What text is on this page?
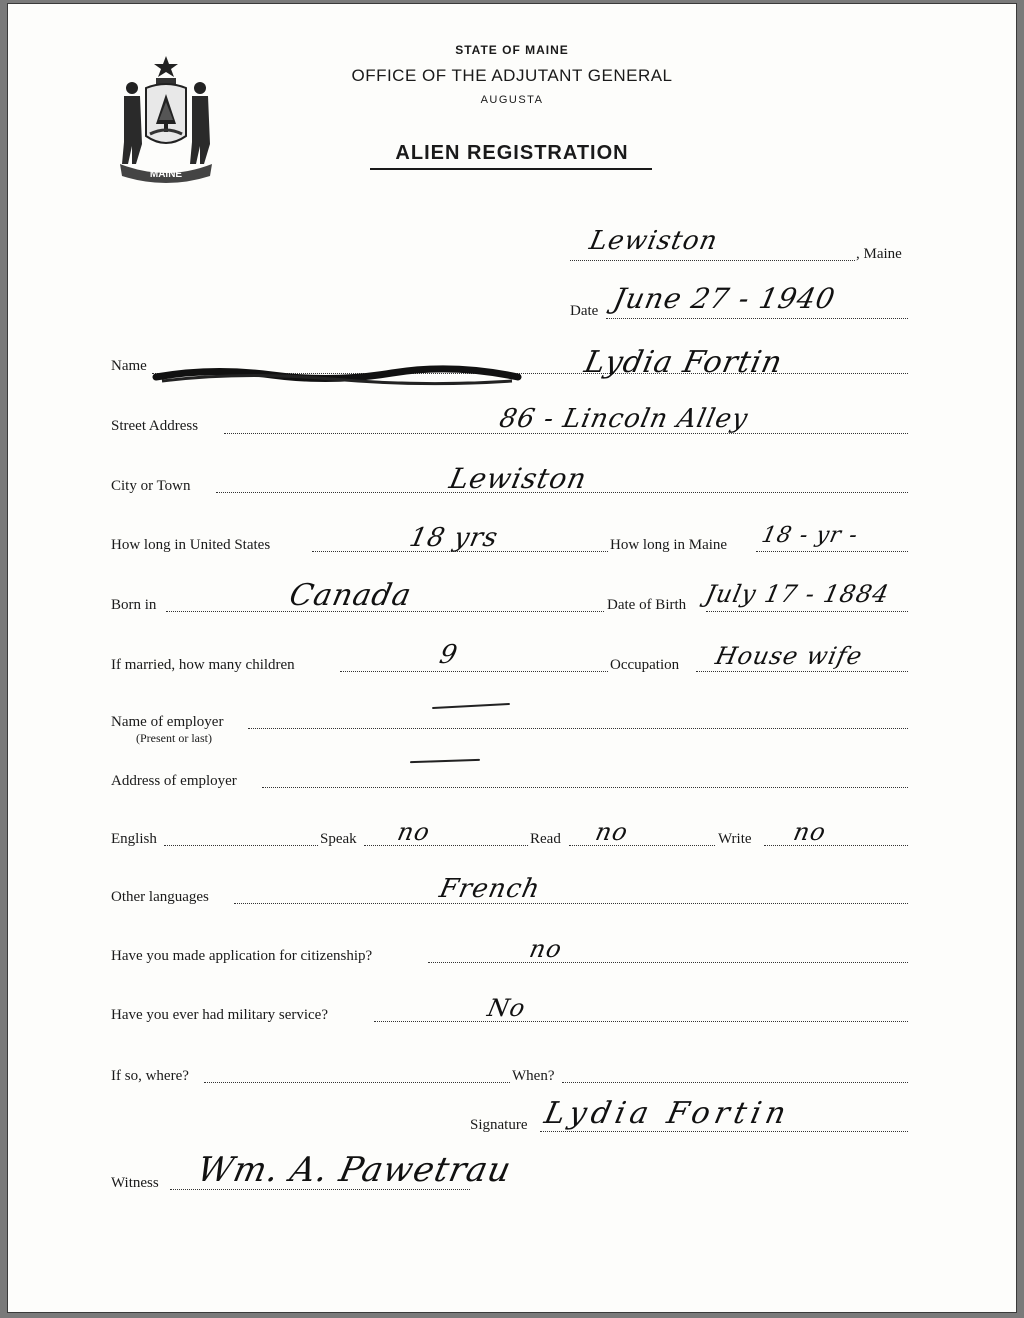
MAINE
STATE OF MAINE
OFFICE OF THE ADJUTANT GENERAL
AUGUSTA
ALIEN REGISTRATION
Lewiston	, Maine
Date June 27 - 1940
Name	Lydia Fortin
Street Address	86 - Lincoln Alley
City or Town	Lewiston
How long in United States	18 yrs	How long in Maine 18 - yr -
Born in	Canada	Date of Birth July 17 - 1884
If married, how many children	9	Occupation House wife
Name of employer
(Present or last)
Address of employer
English	Speak no	Read no	Write no
Other languages	French
Have you made application for citizenship?	no
Have you ever had military service?	No
If so, where?	When?
Signature Lydia Fortin
Witness Wm. A. Pawetrau
